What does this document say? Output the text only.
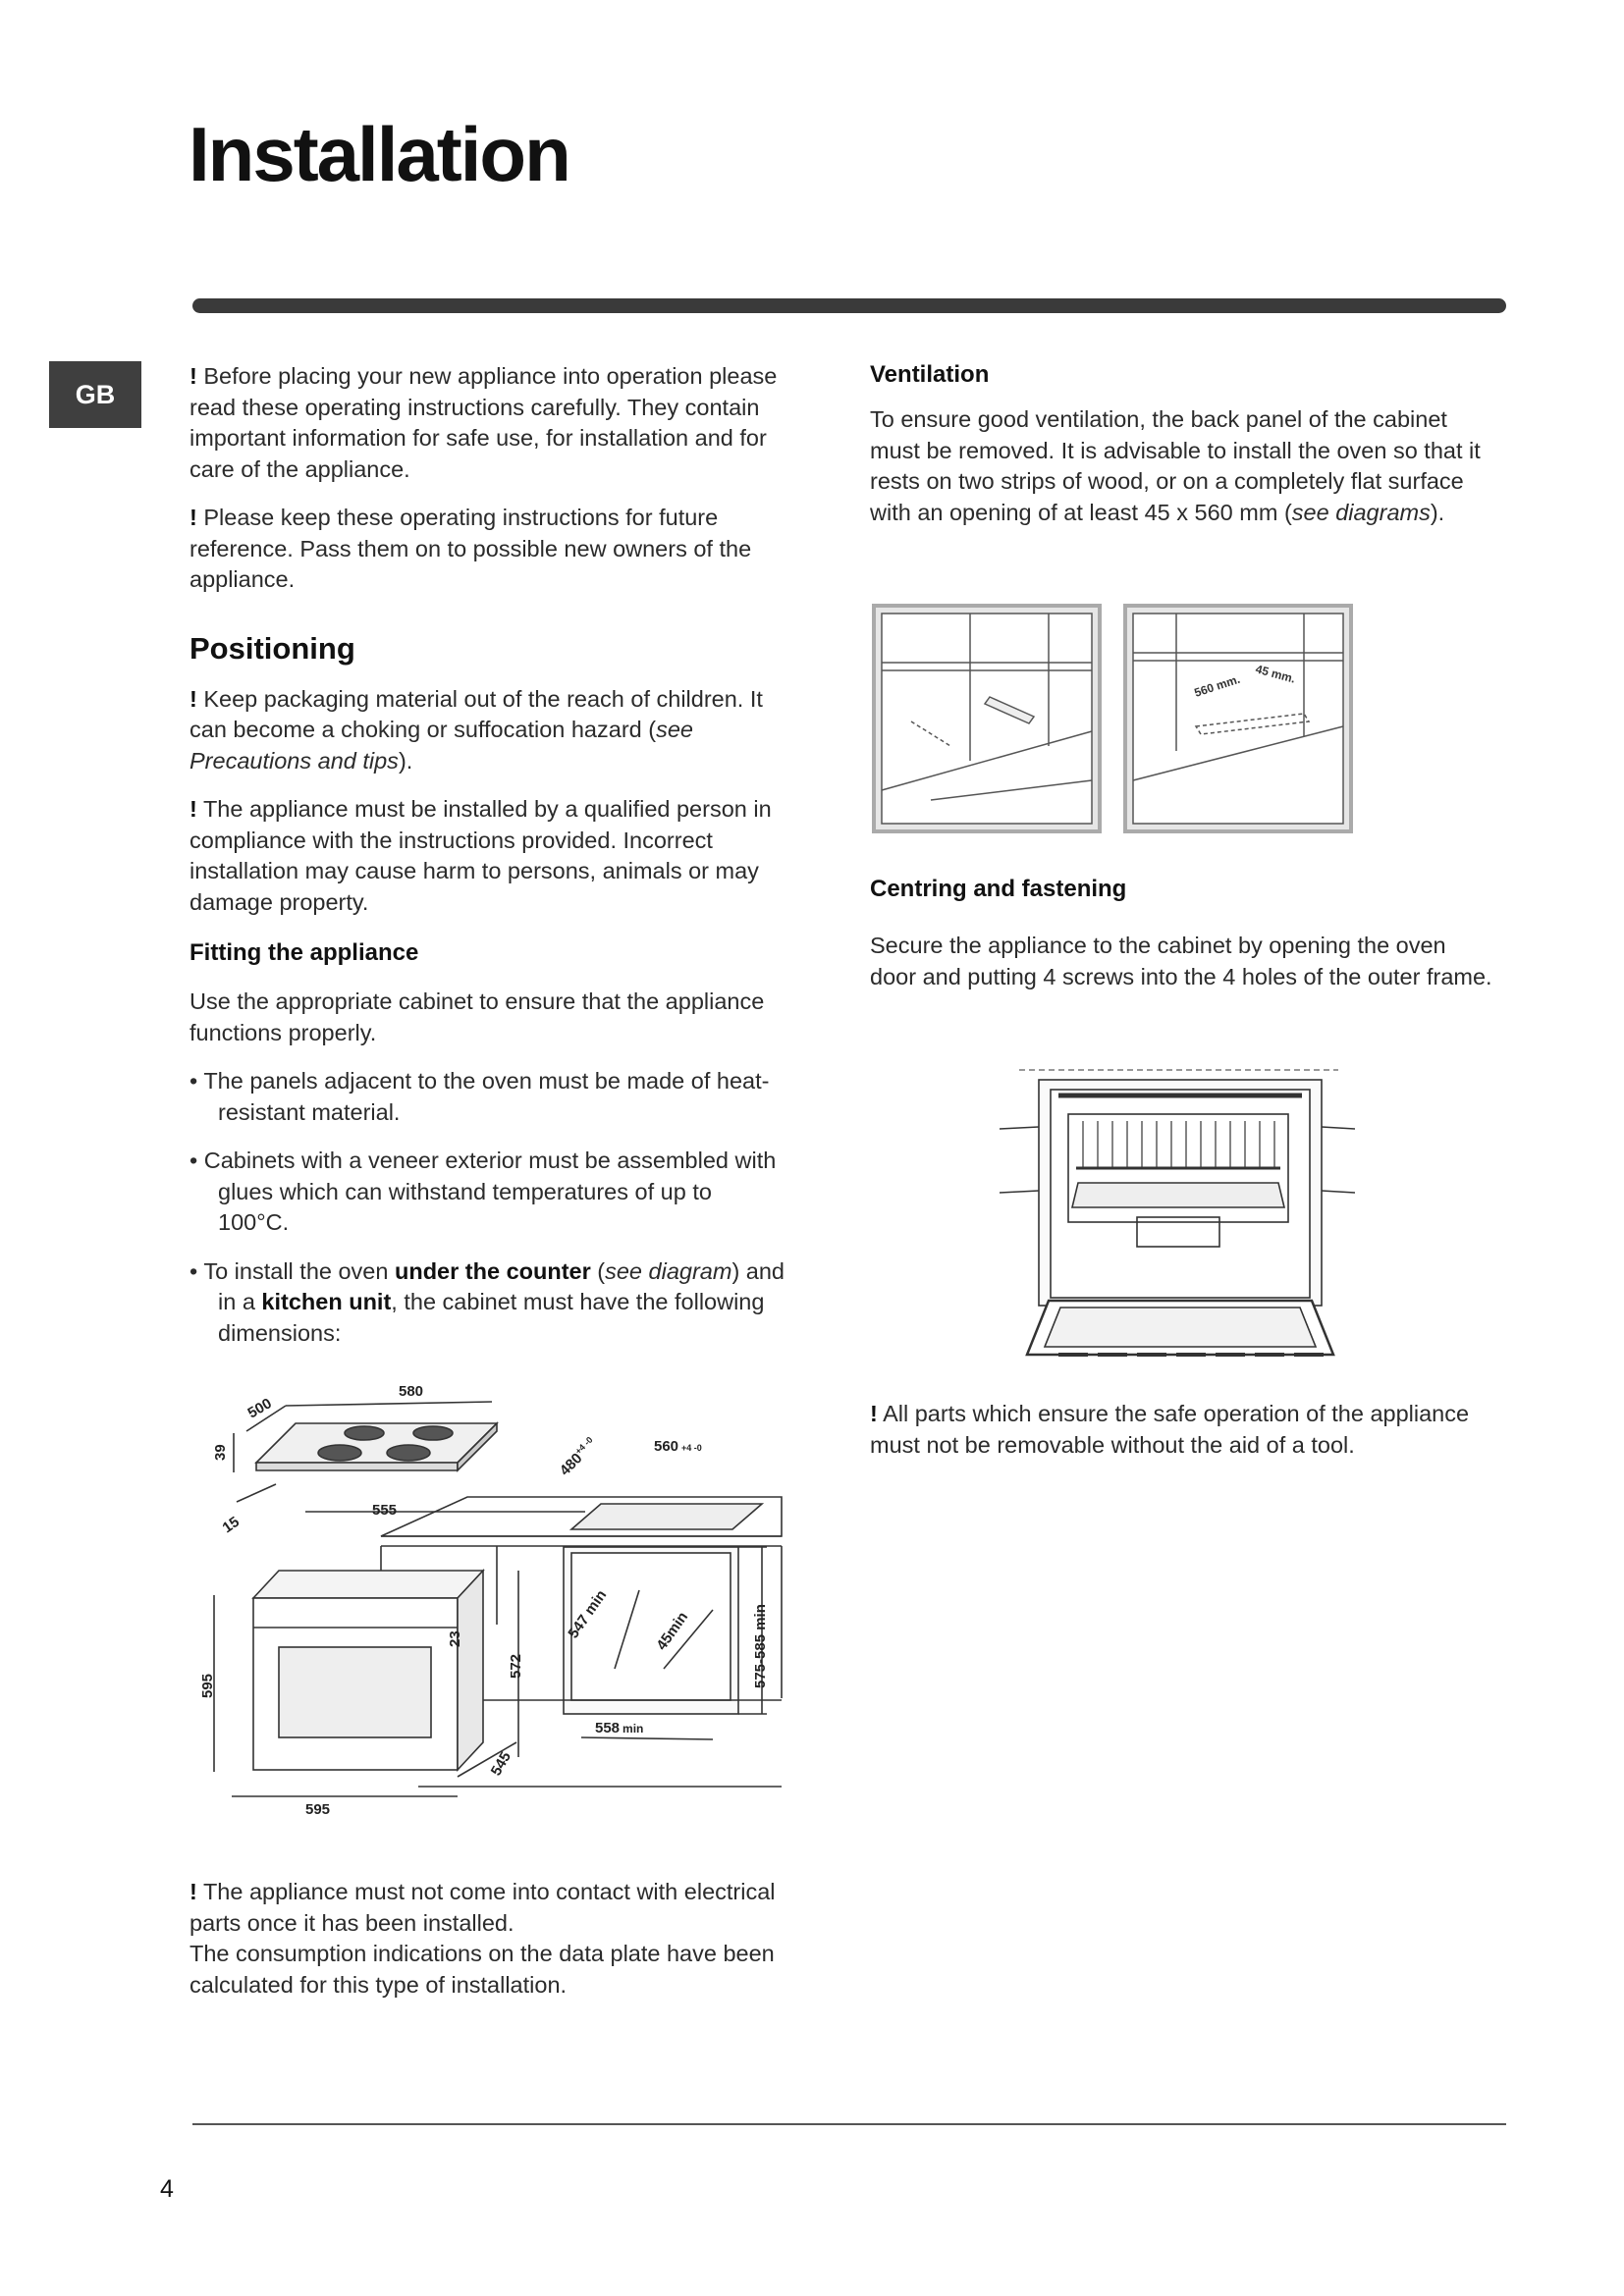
Installation
GB

! Before placing your new appliance into operation please read these operating instructions carefully. They contain important information for safe use, for installation and for care of the appliance.

! Please keep these operating instructions for future reference. Pass them on to possible new owners of the appliance.

Positioning

! Keep packaging material out of the reach of children. It can become a choking or suffocation hazard (see Precautions and tips).

! The appliance must be installed by a qualified person in compliance with the instructions provided. Incorrect installation may cause harm to persons, animals or may damage property.

Fitting the appliance

Use the appropriate cabinet to ensure that the appliance functions properly.

• The panels adjacent to the oven must be made of heat-resistant material.

• Cabinets with a veneer exterior must be assembled with glues which can withstand temperatures of up to 100°C.

• To install the oven under the counter (see diagram) and in a kitchen unit, the cabinet must have the following dimensions:

580
500
39
15
$480^{+4 -0}$	560 +4 -0
555
595
595
545
23
572
547 min	45min	575-585 min
558 min

! The appliance must not come into contact with electrical parts once it has been installed.

The consumption indications on the data plate have been calculated for this type of installation.

Ventilation

To ensure good ventilation, the back panel of the cabinet must be removed. It is advisable to install the oven so that it rests on two strips of wood, or on a completely flat surface with an opening of at least 45 x 560 mm (see diagrams).

560 mm. 45 mm.
Centring and fastening

Secure the appliance to the cabinet by opening the oven door and putting 4 screws into the 4 holes of the outer frame.

! All parts which ensure the safe operation of the appliance must not be removable without the aid of a tool.

4
